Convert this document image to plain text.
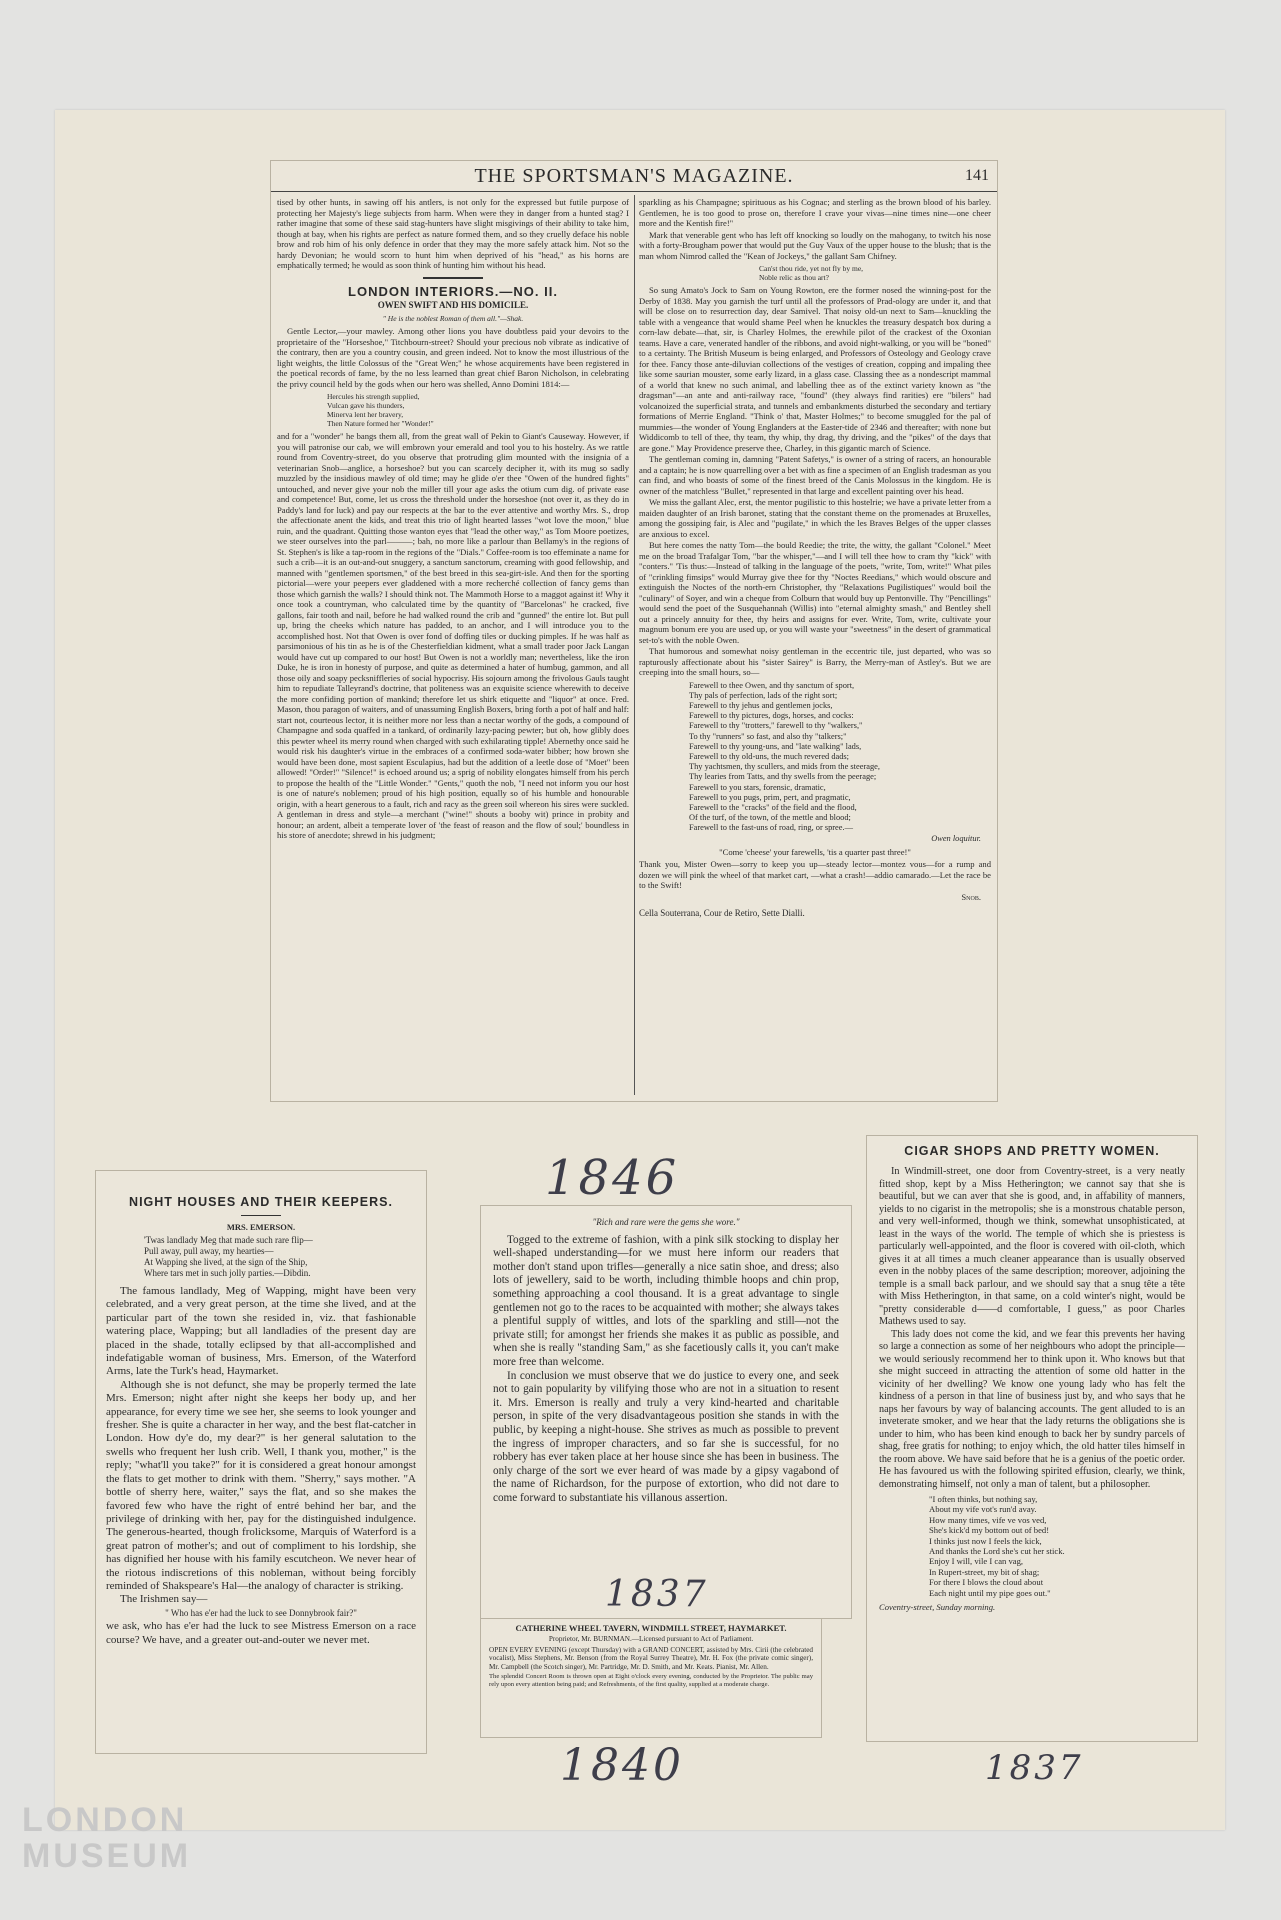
THE SPORTSMAN'S MAGAZINE.	141

tised by other hunts, in sawing off his antlers, is not only for the expressed but futile purpose of protecting her Majesty's liege subjects from harm. When were they in danger from a hunted stag? I rather imagine that some of these said stag-hunters have slight misgivings of their ability to take him, though at bay, when his rights are perfect as nature formed them, and so they cruelly deface his noble brow and rob him of his only defence in order that they may the more safely attack him. Not so the hardy Devonian; he would scorn to hunt him when deprived of his "head," as his horns are emphatically termed; he would as soon think of hunting him without his head.

LONDON INTERIORS.—NO. II.
OWEN SWIFT AND HIS DOMICILE.
" He is the noblest Roman of them all."—Shak.

Gentle Lector,—your mawley. Among other lions you have doubtless paid your devoirs to the proprietaire of the "Horseshoe," Titchbourn-street? Should your precious nob vibrate as indicative of the contrary, then are you a country cousin, and green indeed. Not to know the most illustrious of the light weights, the little Colossus of the "Great Wen;" he whose acquirements have been registered in the poetical records of fame, by the no less learned than great chief Baron Nicholson, in celebrating the privy council held by the gods when our hero was shelled, Anno Domini 1814:—

Hercules his strength supplied,
Vulcan gave his thunders,
Minerva lent her bravery,
Then Nature formed her "Wonder!"

and for a "wonder" he bangs them all, from the great wall of Pekin to Giant's Causeway. However, if you will patronise our cab, we will embrown your emerald and tool you to his hostelry. As we rattle round from Coventry-street, do you observe that protruding glim mounted with the insignia of a veterinarian Snob—anglice, a horseshoe? but you can scarcely decipher it, with its mug so sadly muzzled by the insidious mawley of old time; may he glide o'er thee "Owen of the hundred fights" untouched, and never give your nob the miller till your age asks the otium cum dig. of private ease and competence! But, come, let us cross the threshold under the horseshoe (not over it, as they do in Paddy's land for luck) and pay our respects at the bar to the ever attentive and worthy Mrs. S., drop the affectionate anent the kids, and treat this trio of light hearted lasses "wot love the moon," blue ruin, and the quadrant. Quitting those wanton eyes that "lead the other way," as Tom Moore poetizes, we steer ourselves into the parl———; bah, no more like a parlour than Bellamy's in the regions of St. Stephen's is like a tap-room in the regions of the "Dials." Coffee-room is too effeminate a name for such a crib—it is an out-and-out snuggery, a sanctum sanctorum, creaming with good fellowship, and manned with "gentlemen sportsmen," of the best breed in this sea-girt-isle. And then for the sporting pictorial—were your peepers ever gladdened with a more recherché collection of fancy gems than those which garnish the walls? I should think not. The Mammoth Horse to a maggot against it! Why it once took a countryman, who calculated time by the quantity of "Barcelonas" he cracked, five gallons, fair tooth and nail, before he had walked round the crib and "gunned" the entire lot. But pull up, bring the cheeks which nature has padded, to an anchor, and I will introduce you to the accomplished host. Not that Owen is over fond of doffing tiles or ducking pimples. If he was half as parsimonious of his tin as he is of the Chesterfieldian kidment, what a small trader poor Jack Langan would have cut up compared to our host! But Owen is not a worldly man; nevertheless, like the iron Duke, he is iron in honesty of purpose, and quite as determined a hater of humbug, gammon, and all those oily and soapy pecksniffleries of social hypocrisy. His sojourn among the frivolous Gauls taught him to repudiate Talleyrand's doctrine, that politeness was an exquisite science wherewith to deceive the more confiding portion of mankind; therefore let us shirk etiquette and "liquor" at once. Fred. Mason, thou paragon of waiters, and of unassuming English Boxers, bring forth a pot of half and half: start not, courteous lector, it is neither more nor less than a nectar worthy of the gods, a compound of Champagne and soda quaffed in a tankard, of ordinarily lazy-pacing pewter; but oh, how glibly does this pewter wheel its merry round when charged with such exhilarating tipple! Abernethy once said he would risk his daughter's virtue in the embraces of a confirmed soda-water bibber; how brown she would have been done, most sapient Esculapius, had but the addition of a leetle dose of "Moet" been allowed! "Order!" "Silence!" is echoed around us; a sprig of nobility elongates himself from his perch to propose the health of the "Little Wonder." "Gents," quoth the nob, "I need not inform you our host is one of nature's noblemen; proud of his high position, equally so of his humble and honourable origin, with a heart generous to a fault, rich and racy as the green soil whereon his sires were suckled. A gentleman in dress and style—a merchant ("wine!" shouts a booby wit) prince in probity and honour; an ardent, albeit a temperate lover of 'the feast of reason and the flow of soul;' boundless in his store of anecdote; shrewd in his judgment;

sparkling as his Champagne; spirituous as his Cognac; and sterling as the brown blood of his barley. Gentlemen, he is too good to prose on, therefore I crave your vivas—nine times nine—one cheer more and the Kentish fire!"

Mark that venerable gent who has left off knocking so loudly on the mahogany, to twitch his nose with a forty-Brougham power that would put the Guy Vaux of the upper house to the blush; that is the man whom Nimrod called the "Kean of Jockeys," the gallant Sam Chifney.

Can'st thou ride, yet not fly by me,
Noble relic as thou art?

So sung Amato's Jock to Sam on Young Rowton, ere the former nosed the winning-post for the Derby of 1838. May you garnish the turf until all the professors of Prad-ology are under it, and that will be close on to resurrection day, dear Samivel. That noisy old-un next to Sam—knuckling the table with a vengeance that would shame Peel when he knuckles the treasury despatch box during a corn-law debate—that, sir, is Charley Holmes, the erewhile pilot of the crackest of the Oxonian teams. Have a care, venerated handler of the ribbons, and avoid night-walking, or you will be "boned" to a certainty. The British Museum is being enlarged, and Professors of Osteology and Geology crave for thee. Fancy those ante-diluvian collections of the vestiges of creation, copping and impaling thee like some saurian mouster, some early lizard, in a glass case. Classing thee as a nondescript mammal of a world that knew no such animal, and labelling thee as of the extinct variety known as "the dragsman"—an ante and anti-railway race, "found" (they always find rarities) ere "bilers" had volcanoized the superficial strata, and tunnels and embankments disturbed the secondary and tertiary formations of Merrie England. "Think o' that, Master Holmes;" to become smuggled for the pal of mummies—the wonder of Young Englanders at the Easter-tide of 2346 and thereafter; with none but Widdicomb to tell of thee, thy team, thy whip, thy drag, thy driving, and the "pikes" of the days that are gone." May Providence preserve thee, Charley, in this gigantic march of Science.

The gentleman coming in, damning "Patent Safetys," is owner of a string of racers, an honourable and a captain; he is now quarrelling over a bet with as fine a specimen of an English tradesman as you can find, and who boasts of some of the finest breed of the Canis Molossus in the kingdom. He is owner of the matchless "Bullet," represented in that large and excellent painting over his head.

We miss the gallant Alec, erst, the mentor pugilistic to this hostelrie; we have a private letter from a maiden daughter of an Irish baronet, stating that the constant theme on the promenades at Bruxelles, among the gossiping fair, is Alec and "pugilate," in which the les Braves Belges of the upper classes are anxious to excel.

But here comes the natty Tom—the bould Reedie; the trite, the witty, the gallant "Colonel." Meet me on the broad Trafalgar Tom, "bar the whisper,"—and I will tell thee how to cram thy "kick" with "conters." 'Tis thus:—Instead of talking in the language of the poets, "write, Tom, write!" What piles of "crinkling fimsips" would Murray give thee for thy "Noctes Reedians," which would obscure and extinguish the Noctes of the north-ern Christopher, thy "Relaxations Pugilistiques" would boil the "culinary" of Soyer, and win a cheque from Colburn that would buy up Pentonville. Thy "Pencillings" would send the poet of the Susquehannah (Willis) into "eternal almighty smash," and Bentley shell out a princely annuity for thee, thy heirs and assigns for ever. Write, Tom, write, cultivate your magnum bonum ere you are used up, or you will waste your "sweetness" in the desert of grammatical set-to's with the noble Owen.

That humorous and somewhat noisy gentleman in the eccentric tile, just departed, who was so rapturously affectionate about his "sister Sairey" is Barry, the Merry-man of Astley's. But we are creeping into the small hours, so—

Farewell to thee Owen, and thy sanctum of sport,
Thy pals of perfection, lads of the right sort;
Farewell to thy jehus and gentlemen jocks,
Farewell to thy pictures, dogs, horses, and cocks:
Farewell to thy "trotters," farewell to thy "walkers,"
To thy "runners" so fast, and also thy "talkers;"
Farewell to thy young-uns, and "late walking" lads,
Farewell to thy old-uns, the much revered dads;
Thy yachtsmen, thy scullers, and mids from the steerage,
Thy learies from Tatts, and thy swells from the peerage;
Farewell to you stars, forensic, dramatic,
Farewell to you pugs, prim, pert, and pragmatic,
Farewell to the "cracks" of the field and the flood,
Of the turf, of the town, of the mettle and blood;
Farewell to the fast-uns of road, ring, or spree.—
Owen loquitur.
"Come 'cheese' your farewells, 'tis a quarter past three!"

Thank you, Mister Owen—sorry to keep you up—steady lector—montez vous—for a rump and dozen we will pink the wheel of that market cart, —what a crash!—addio camarado.—Let the race be to the Swift!

Snob.
Cella Souterrana, Cour de Retiro, Sette Dialli.
NIGHT HOUSES AND THEIR KEEPERS.
MRS. EMERSON.
'Twas landlady Meg that made such rare flip—
Pull away, pull away, my hearties—
At Wapping she lived, at the sign of the Ship,
Where tars met in such jolly parties.—Dibdin.

The famous landlady, Meg of Wapping, might have been very celebrated, and a very great person, at the time she lived, and at the particular part of the town she resided in, viz. that fashionable watering place, Wapping; but all landladies of the present day are placed in the shade, totally eclipsed by that all-accomplished and indefatigable woman of business, Mrs. Emerson, of the Waterford Arms, late the Turk's head, Haymarket.

Although she is not defunct, she may be properly termed the late Mrs. Emerson; night after night she keeps her body up, and her appearance, for every time we see her, she seems to look younger and fresher. She is quite a character in her way, and the best flat-catcher in London. How dy'e do, my dear?" is her general salutation to the swells who frequent her lush crib. Well, I thank you, mother," is the reply; "what'll you take?" for it is considered a great honour amongst the flats to get mother to drink with them. "Sherry," says mother. "A bottle of sherry here, waiter," says the flat, and so she makes the favored few who have the right of entré behind her bar, and the privilege of drinking with her, pay for the distinguished indulgence. The generous-hearted, though frolicksome, Marquis of Waterford is a great patron of mother's; and out of compliment to his lordship, she has dignified her house with his family escutcheon. We never hear of the riotous indiscretions of this nobleman, without being forcibly reminded of Shakspeare's Hal—the analogy of character is striking.

The Irishmen say—

" Who has e'er had the luck to see Donnybrook fair?"

we ask, who has e'er had the luck to see Mistress Emerson on a race course? We have, and a greater out-and-outer we never met.

"Rich and rare were the gems she wore."

Togged to the extreme of fashion, with a pink silk stocking to display her well-shaped understanding—for we must here inform our readers that mother don't stand upon trifles—generally a nice satin shoe, and dress; also lots of jewellery, said to be worth, including thimble hoops and chin prop, something approaching a cool thousand. It is a great advantage to single gentlemen not go to the races to be acquainted with mother; she always takes a plentiful supply of wittles, and lots of the sparkling and still—not the private still; for amongst her friends she makes it as public as possible, and when she is really "standing Sam," as she facetiously calls it, you can't make more free than welcome.

In conclusion we must observe that we do justice to every one, and seek not to gain popularity by vilifying those who are not in a situation to resent it. Mrs. Emerson is really and truly a very kind-hearted and charitable person, in spite of the very disadvantageous position she stands in with the public, by keeping a night-house. She strives as much as possible to prevent the ingress of improper characters, and so far she is successful, for no robbery has ever taken place at her house since she has been in business. The only charge of the sort we ever heard of was made by a gipsy vagabond of the name of Richardson, for the purpose of extortion, who did not dare to come forward to substantiate his villanous assertion.

CATHERINE WHEEL TAVERN, WINDMILL STREET, HAYMARKET.
Proprietor, Mr. BURNMAN.—Licensed pursuant to Act of Parliament.
OPEN EVERY EVENING (except Thursday) with a GRAND CONCERT, assisted by Mrs. Cirii (the celebrated vocalist), Miss Stephens, Mr. Benson (from the Royal Surrey Theatre), Mr. H. Fox (the private comic singer), Mr. Campbell (the Scotch singer), Mr. Partridge, Mr. D. Smith, and Mr. Keats. Pianist, Mr. Allen.
The splendid Concert Room is thrown open at Eight o'clock every evening, conducted by the Proprietor. The public may rely upon every attention being paid; and Refreshments, of the first quality, supplied at a moderate charge.
CIGAR SHOPS AND PRETTY WOMEN.

In Windmill-street, one door from Coventry-street, is a very neatly fitted shop, kept by a Miss Hetherington; we cannot say that she is beautiful, but we can aver that she is good, and, in affability of manners, yields to no cigarist in the metropolis; she is a monstrous chatable person, and very well-informed, though we think, somewhat unsophisticated, at least in the ways of the world. The temple of which she is priestess is particularly well-appointed, and the floor is covered with oil-cloth, which gives it at all times a much cleaner appearance than is usually observed even in the nobby places of the same description; moreover, adjoining the temple is a small back parlour, and we should say that a snug tête a tête with Miss Hetherington, in that same, on a cold winter's night, would be "pretty considerable d——d comfortable, I guess," as poor Charles Mathews used to say.

This lady does not come the kid, and we fear this prevents her having so large a connection as some of her neighbours who adopt the principle—we would seriously recommend her to think upon it. Who knows but that she might succeed in attracting the attention of some old hatter in the vicinity of her dwelling? We know one young lady who has felt the kindness of a person in that line of business just by, and who says that he naps her favours by way of balancing accounts. The gent alluded to is an inveterate smoker, and we hear that the lady returns the obligations she is under to him, who has been kind enough to back her by sundry parcels of shag, free gratis for nothing; to enjoy which, the old hatter tiles himself in the room above. We have said before that he is a genius of the poetic order. He has favoured us with the following spirited effusion, clearly, we think, demonstrating himself, not only a man of talent, but a philosopher.

"I often thinks, but nothing say,
About my vife vot's run'd avay.
How many times, vife ve vos ved,
She's kick'd my bottom out of bed!
I thinks just now I feels the kick,
And thanks the Lord she's cut her stick.
Enjoy I will, vile I can vag,
In Rupert-street, my bit of shag;
For there I blows the cloud about
Each night until my pipe goes out."
Coventry-street, Sunday morning.
1846
1837
1840	1837
LONDON
MUSEUM
